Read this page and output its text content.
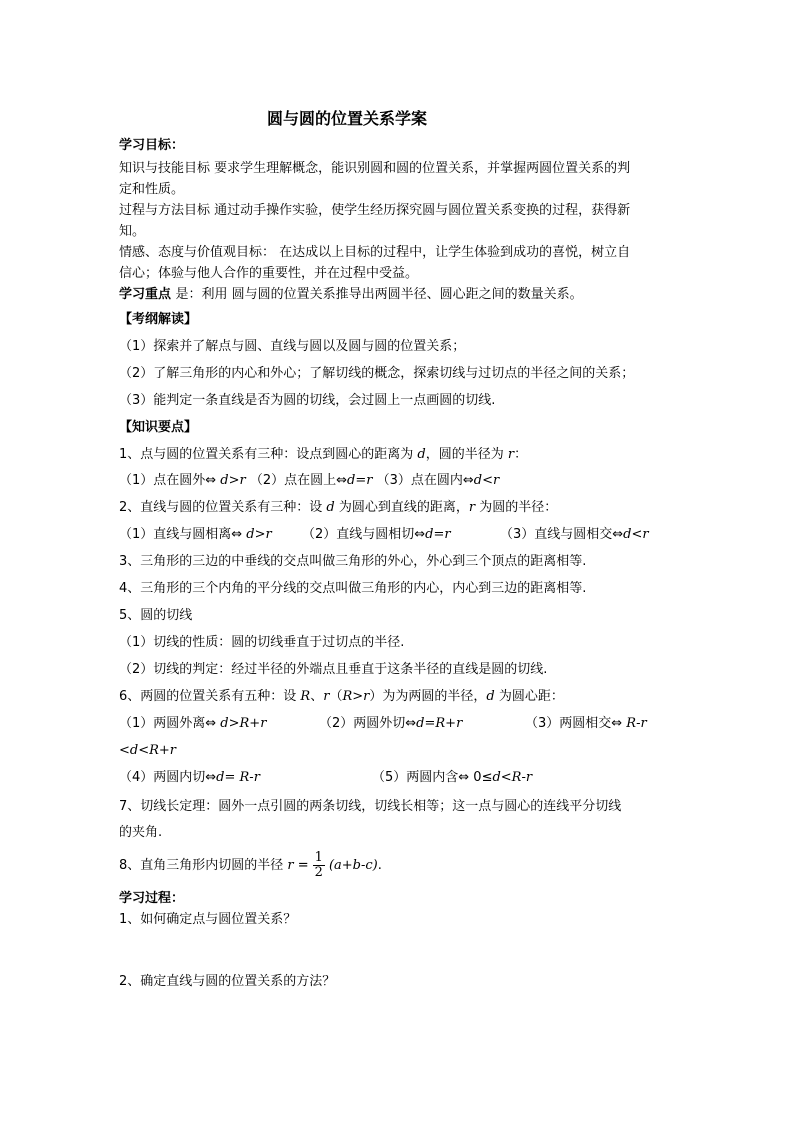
圆与圆的位置关系学案
学习目标：
知识与技能目标 要求学生理解概念，能识别圆和圆的位置关系，并掌握两圆位置关系的判
定和性质。
过程与方法目标 通过动手操作实验，使学生经历探究圆与圆位置关系变换的过程，获得新
知。
情感、态度与价值观目标： 在达成以上目标的过程中，让学生体验到成功的喜悦，树立自
信心；体验与他人合作的重要性，并在过程中受益。
学习重点 是：利用 圆与圆的位置关系推导出两圆半径、圆心距之间的数量关系。
【考纲解读】
（1）探索并了解点与圆、直线与圆以及圆与圆的位置关系；
（2）了解三角形的内心和外心；了解切线的概念，探索切线与过切点的半径之间的关系；
（3）能判定一条直线是否为圆的切线，会过圆上一点画圆的切线.
【知识要点】
1、点与圆的位置关系有三种：设点到圆心的距离为 d，圆的半径为 r：
（1）点在圆外⇔ d>r （2）点在圆上⇔d=r （3）点在圆内⇔d<r
2、直线与圆的位置关系有三种：设 d 为圆心到直线的距离，r 为圆的半径：
（1）直线与圆相离⇔ d>r （2）直线与圆相切⇔d=r	（3）直线与圆相交⇔d<r
3、三角形的三边的中垂线的交点叫做三角形的外心，外心到三个顶点的距离相等.
4、三角形的三个内角的平分线的交点叫做三角形的内心，内心到三边的距离相等.
5、圆的切线
（1）切线的性质：圆的切线垂直于过切点的半径.
（2）切线的判定：经过半径的外端点且垂直于这条半径的直线是圆的切线.
6、两圆的位置关系有五种：设 R、r（R>r）为为两圆的半径，d 为圆心距：
（1）两圆外离⇔ d>R+r	（2）两圆外切⇔d=R+r	（3）两圆相交⇔ R-r
<d<R+r
（4）两圆内切⇔d= R-r	（5）两圆内含⇔ 0≤d<R-r
7、切线长定理：圆外一点引圆的两条切线，切线长相等；这一点与圆心的连线平分切线
的夹角.
8、直角三角形内切圆的半径 $r = \frac{1}{2} (a+b-c)$.
学习过程：
1、如何确定点与圆位置关系？
2、确定直线与圆的位置关系的方法？
